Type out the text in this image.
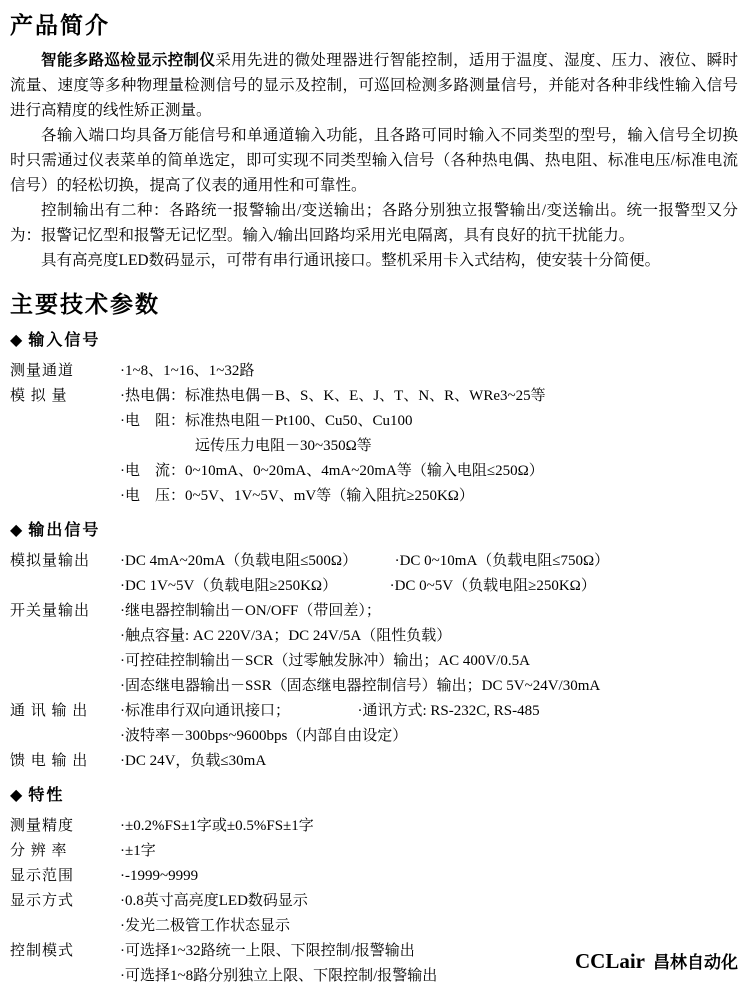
产品简介

智能多路巡检显示控制仪采用先进的微处理器进行智能控制，适用于温度、湿度、压力、液位、瞬时流量、速度等多种物理量检测信号的显示及控制，可巡回检测多路测量信号，并能对各种非线性输入信号进行高精度的线性矫正测量。

各输入端口均具备万能信号和单通道输入功能，且各路可同时输入不同类型的型号，输入信号全切换时只需通过仪表菜单的简单选定，即可实现不同类型输入信号（各种热电偶、热电阻、标准电压/标准电流信号）的轻松切换，提高了仪表的通用性和可靠性。

控制输出有二种：各路统一报警输出/变送输出；各路分别独立报警输出/变送输出。统一报警型又分为：报警记忆型和报警无记忆型。输入/输出回路均采用光电隔离，具有良好的抗干扰能力。

具有高亮度LED数码显示，可带有串行通讯接口。整机采用卡入式结构，使安装十分简便。

主要技术参数
◆ 输入信号
测量通道	·1~8、1~16、1~32路
模 拟 量	·热电偶：标准热电偶－B、S、K、E、J、T、N、R、WRe3~25等
·电　阻：标准热电阻－Pt100、Cu50、Cu100
　　　　　远传压力电阻－30~350Ω等
·电　流：0~10mA、0~20mA、4mA~20mA等（输入电阻≤250Ω）
·电　压：0~5V、1V~5V、mV等（输入阻抗≥250KΩ）
◆ 输出信号
模拟量输出	·DC 4mA~20mA（负载电阻≤500Ω）　　　·DC 0~10mA（负载电阻≤750Ω）
·DC 1V~5V（负载电阻≥250KΩ）　　　　·DC 0~5V（负载电阻≥250KΩ）
开关量输出	·继电器控制输出－ON/OFF（带回差）；
·触点容量: AC 220V/3A；DC 24V/5A（阻性负载）
·可控硅控制输出－SCR（过零触发脉冲）输出；AC 400V/0.5A
·固态继电器输出－SSR（固态继电器控制信号）输出；DC 5V~24V/30mA
通 讯 输 出	·标准串行双向通讯接口；　　　　　·通讯方式: RS-232C, RS-485
·波特率－300bps~9600bps（内部自由设定）
馈 电 输 出	·DC 24V，负载≤30mA
◆ 特性
测量精度	·±0.2%FS±1字或±0.5%FS±1字
分 辨 率	·±1字
显示范围	·-1999~9999
显示方式	·0.8英寸高亮度LED数码显示
·发光二极管工作状态显示
控制模式	·可选择1~32路统一上限、下限控制/报警输出
·可选择1~8路分别独立上限、下限控制/报警输出
CCLair 昌林自动化
